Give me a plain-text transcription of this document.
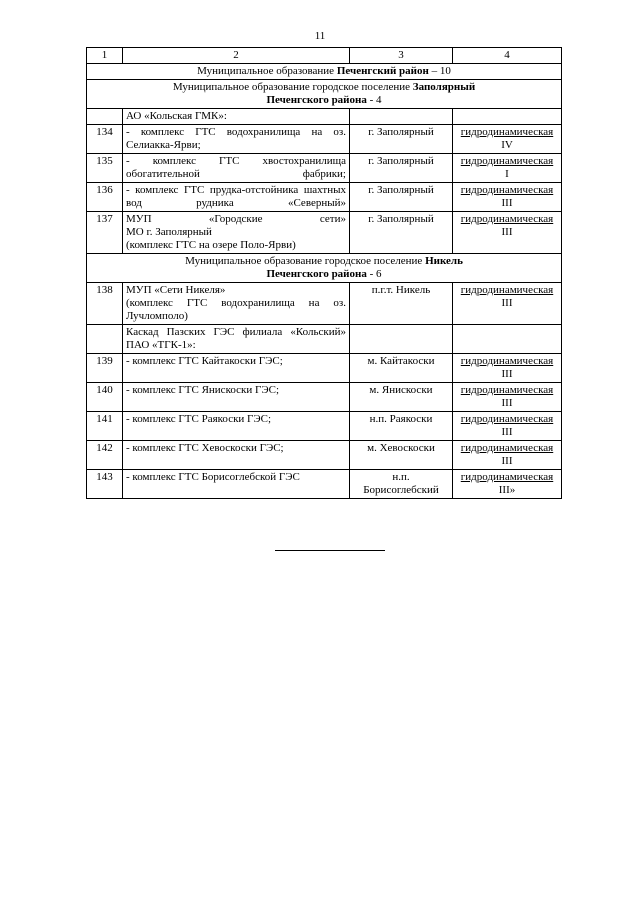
11
1	2	3	4
Муниципальное образование Печенгский район – 10			

Муниципальное образование городское поселение Заполярный
Печенгского района - 4			

	АО «Кольская ГМК»:		
134	- комплекс ГТС водохранилища на оз. Селиакка-Ярви;	г. Заполярный	гидродинамическая
IV

135	- комплекс ГТС хвостохранилища обогатительной фабрики;	г. Заполярный	гидродинамическая
I

136	- комплекс ГТС прудка-отстойника шахтных вод рудника «Северный»	г. Заполярный	гидродинамическая
III

137	МУП «Городские сети»
МО г. Заполярный
(комплекс ГТС на озере Поло-Ярви)	г. Заполярный	гидродинамическая
III

Муниципальное образование городское поселение Никель
Печенгского района - 6			

138	МУП «Сети Никеля»
(комплекс ГТС водохранилища на оз. Лучломполо)	п.г.т. Никель	гидродинамическая
III

	Каскад Пазских ГЭС филиала «Кольский» ПАО «ТГК-1»:		
139	- комплекс ГТС Кайтакоски ГЭС;	м. Кайтакоски	гидродинамическая
III

140	- комплекс ГТС Янискоски ГЭС;	м. Янискоски	гидродинамическая
III

141	- комплекс ГТС Раякоски ГЭС;	н.п. Раякоски	гидродинамическая
III

142	- комплекс ГТС Хевоскоски ГЭС;	м. Хевоскоски	гидродинамическая
III

143	- комплекс ГТС Борисоглебской ГЭС	н.п.
Борисоглебский	гидродинамическая
III»
